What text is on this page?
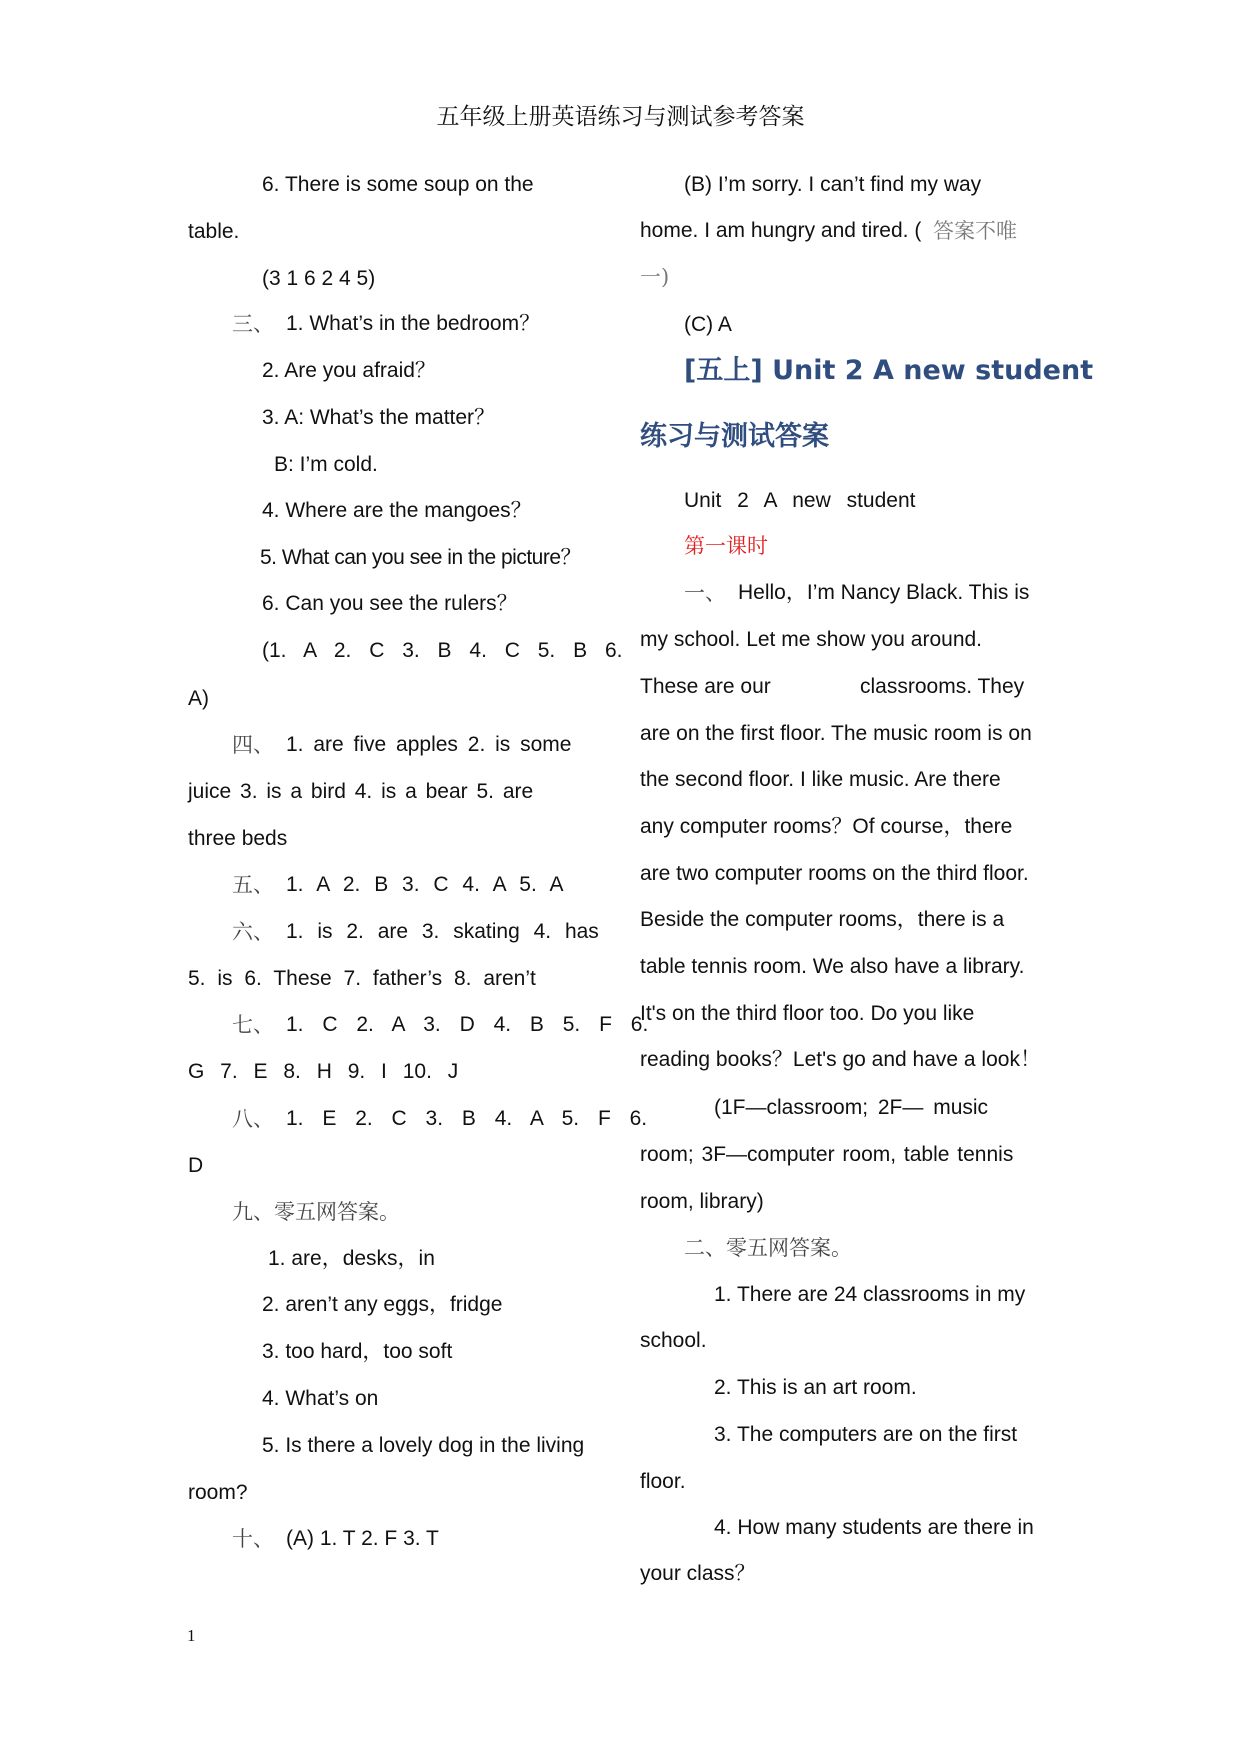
五年级上册英语练习与测试参考答案
6. There is some soup on the
table.
(3 1 6 2 4 5)
三、 1. What’s in the bedroom？
2. Are you afraid？
3. A: What’s the matter？
B: I’m cold.
4. Where are the mangoes？
5. What can you see in the picture？
6. Can you see the rulers？
(1. A 2. C 3. B 4. C 5. B 6.
A)
四、 1. are five apples 2. is some
juice 3. is a bird 4. is a bear 5. are
three beds
五、 1. A 2. B 3. C 4. A 5. A
六、 1. is 2. are 3. skating 4. has
5. is 6. These 7. father’s 8. aren’t
七、 1. C 2. A 3. D 4. B 5. F 6.
G 7. E 8. H 9. I 10. J
八、 1. E 2. C 3. B 4. A 5. F 6.
D
九、零五网答案。
1. are，desks，in
2. aren’t any eggs，fridge
3. too hard，too soft
4. What’s on
5. Is there a lovely dog in the living
room?
十、 (A) 1. T 2. F 3. T
(B) I’m sorry. I can’t find my way
home. I am hungry and tired. ( 答案不唯
一)
(C) A
[五上] Unit 2 A new student
练习与测试答案
Unit 2 A new student
第一课时
一、 Hello，I’m Nancy Black. This is
my school. Let me show you around.
These are our	classrooms. They
are on the first floor. The music room is on
the second floor. I like music. Are there
any computer rooms？Of course，there
are two computer rooms on the third floor.
Beside the computer rooms，there is a
table tennis room. We also have a library.
It's on the third floor too. Do you like
reading books？Let's go and have a look！
(1F—classroom; 2F— music
room; 3F—computer room, table tennis
room, library)
二、零五网答案。
1. There are 24 classrooms in my
school.
2. This is an art room.
3. The computers are on the first
floor.
4. How many students are there in
your class？
1
